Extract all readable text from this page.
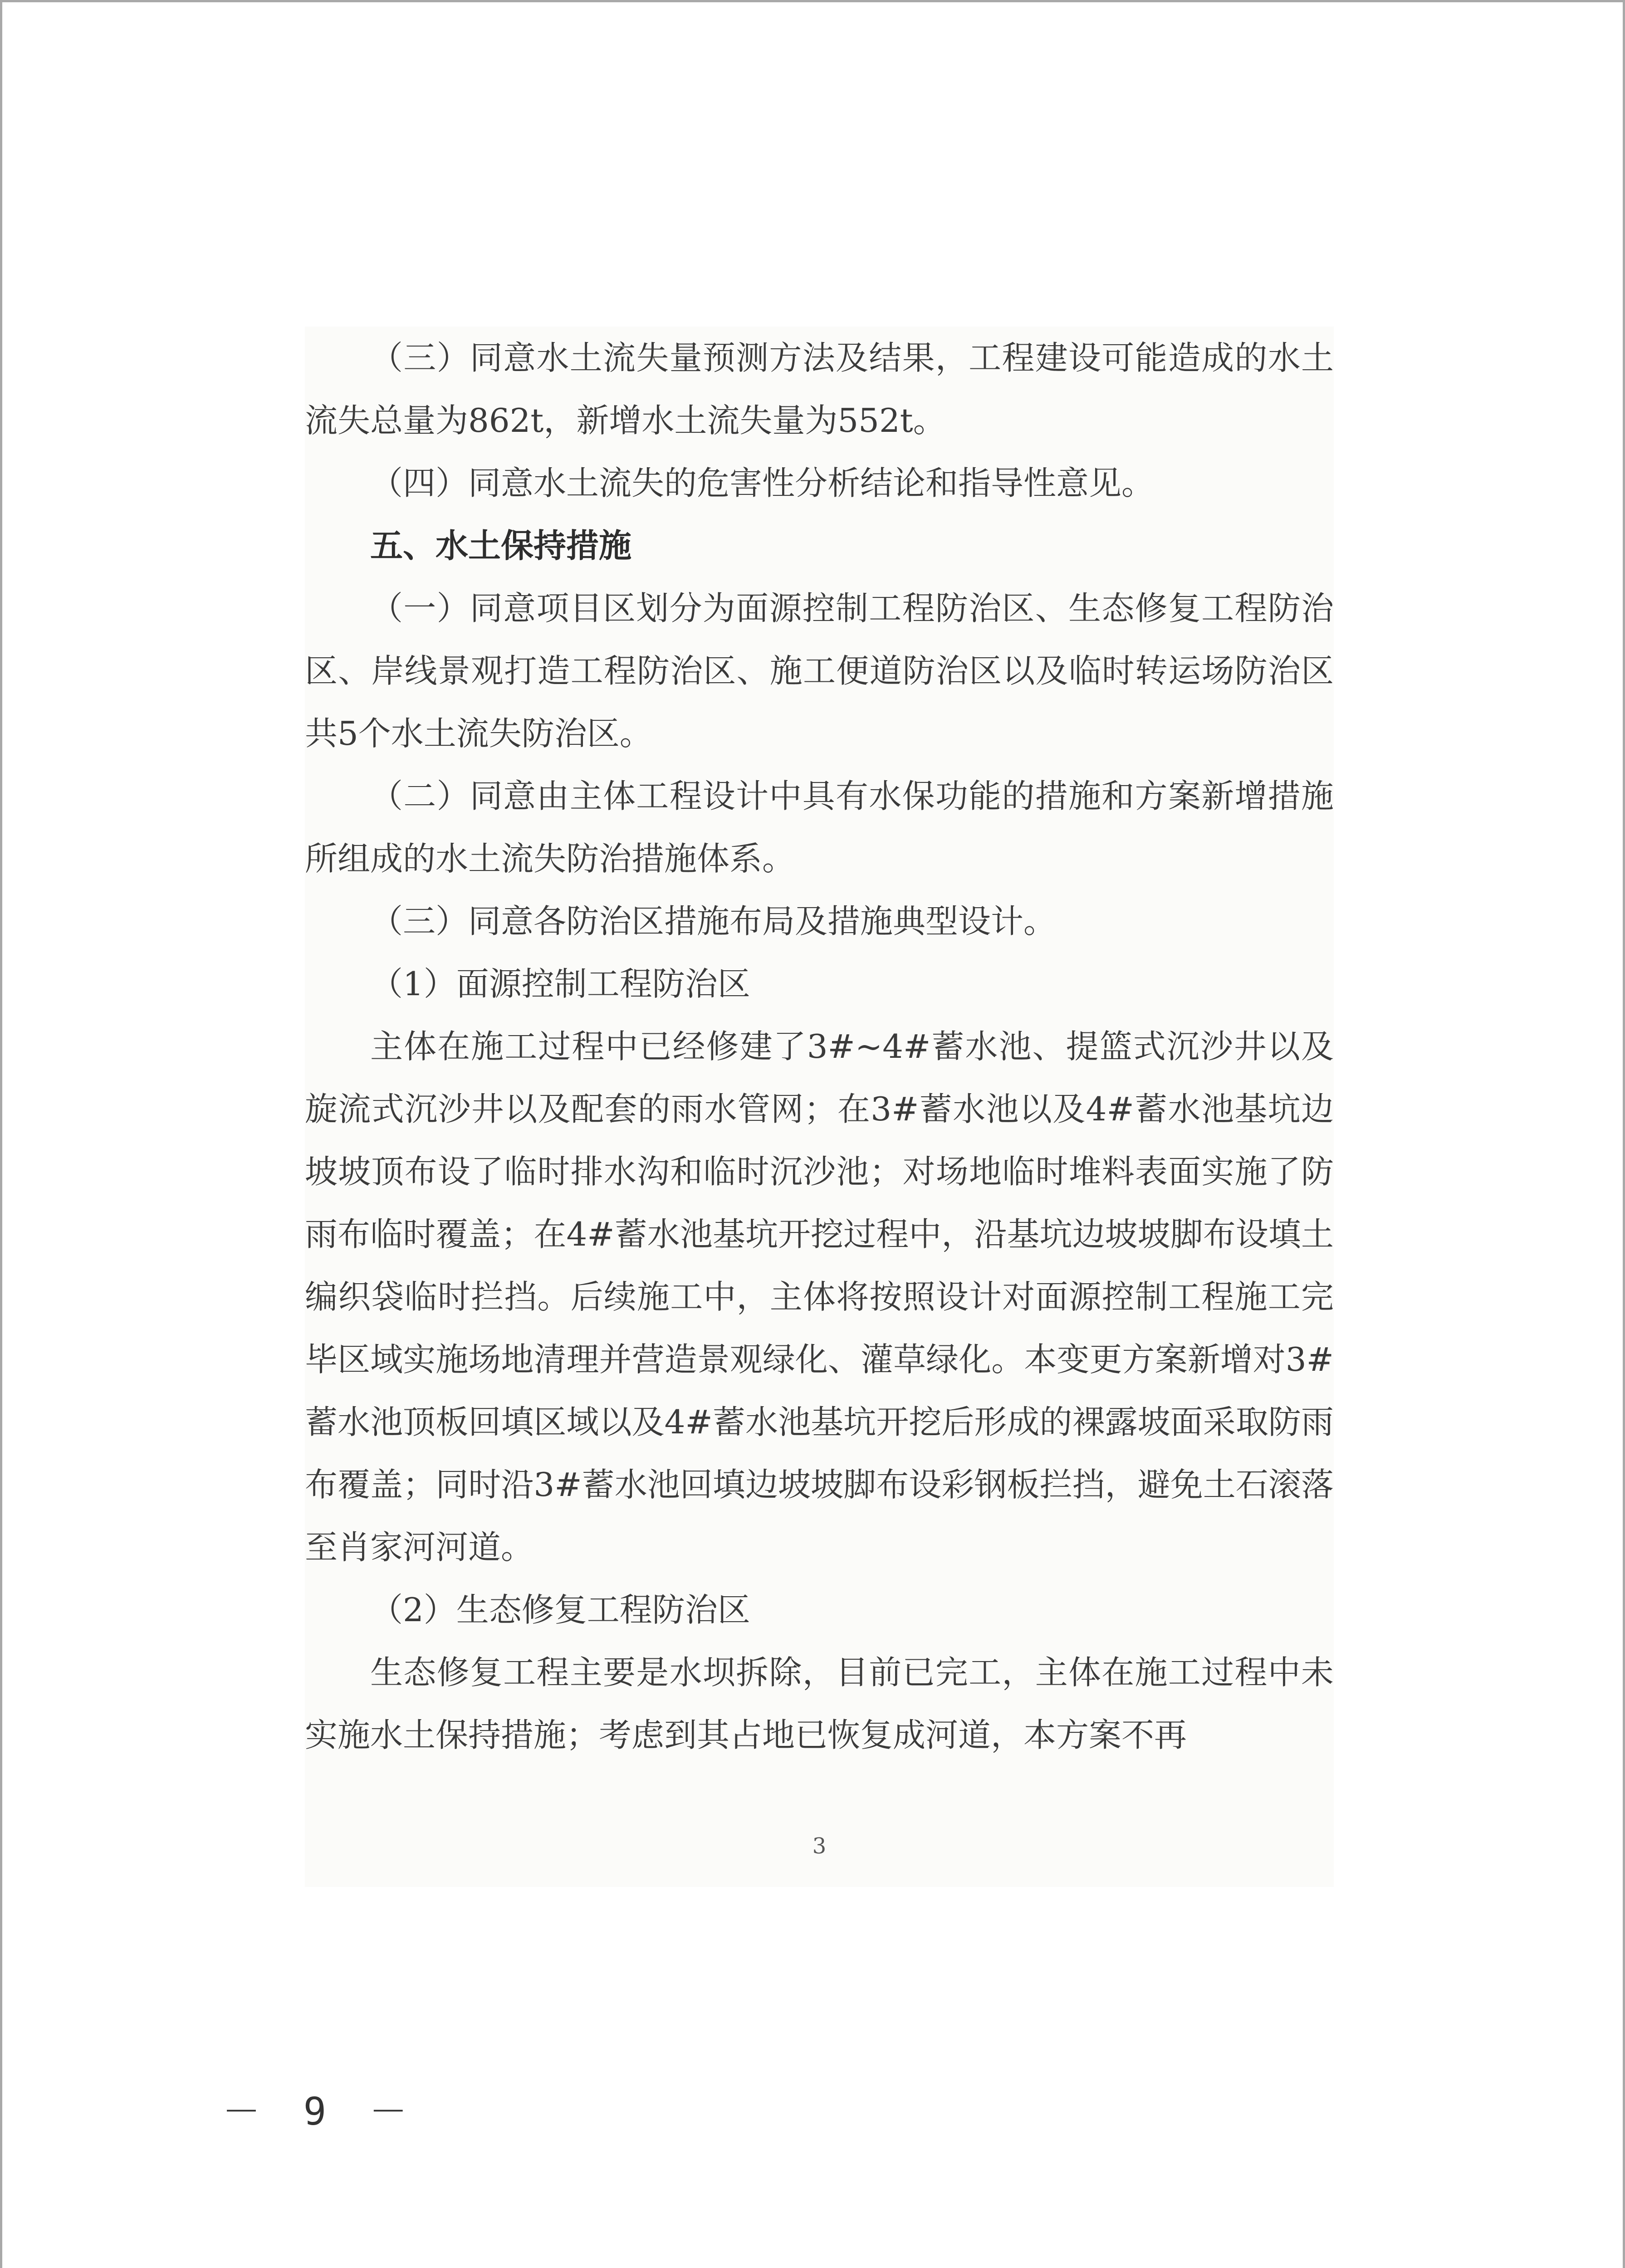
（三）同意水土流失量预测方法及结果，工程建设可能造成的水土流失总量为862t，新增水土流失量为552t。

（四）同意水土流失的危害性分析结论和指导性意见。

五、水土保持措施

（一）同意项目区划分为面源控制工程防治区、生态修复工程防治区、岸线景观打造工程防治区、施工便道防治区以及临时转运场防治区共5个水土流失防治区。

（二）同意由主体工程设计中具有水保功能的措施和方案新增措施所组成的水土流失防治措施体系。

（三）同意各防治区措施布局及措施典型设计。

（1）面源控制工程防治区

主体在施工过程中已经修建了3#~4#蓄水池、提篮式沉沙井以及旋流式沉沙井以及配套的雨水管网；在3#蓄水池以及4#蓄水池基坑边坡坡顶布设了临时排水沟和临时沉沙池；对场地临时堆料表面实施了防雨布临时覆盖；在4#蓄水池基坑开挖过程中，沿基坑边坡坡脚布设填土编织袋临时拦挡。后续施工中，主体将按照设计对面源控制工程施工完毕区域实施场地清理并营造景观绿化、灌草绿化。本变更方案新增对3#蓄水池顶板回填区域以及4#蓄水池基坑开挖后形成的裸露坡面采取防雨布覆盖；同时沿3#蓄水池回填边坡坡脚布设彩钢板拦挡，避免土石滚落至肖家河河道。

（2）生态修复工程防治区

生态修复工程主要是水坝拆除，目前已完工，主体在施工过程中未实施水土保持措施；考虑到其占地已恢复成河道，本方案不再

3
－ 9 －
